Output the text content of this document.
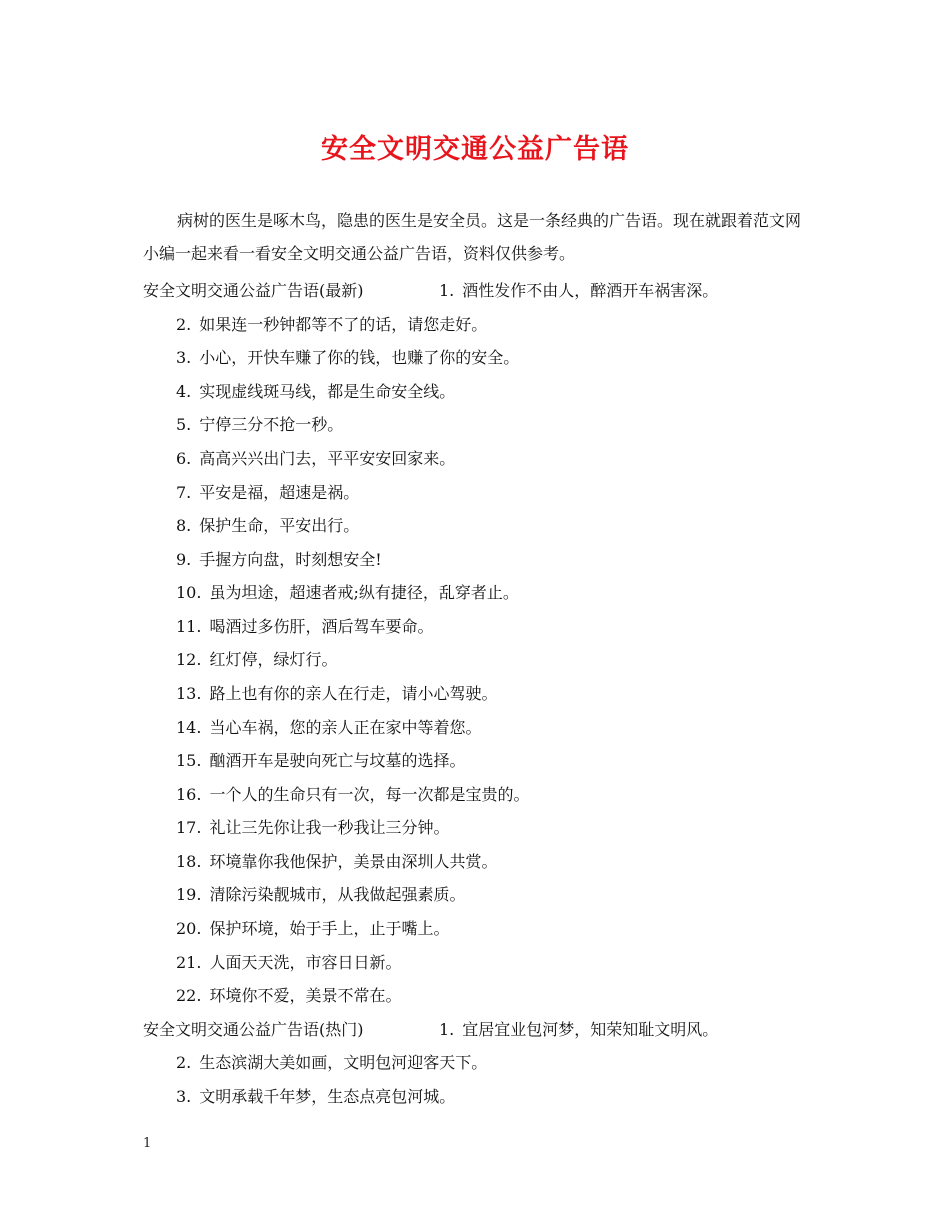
安全文明交通公益广告语

病树的医生是啄木鸟，隐患的医生是安全员。这是一条经典的广告语。现在就跟着范文网小编一起来看一看安全文明交通公益广告语，资料仅供参考。

安全文明交通公益广告语(最新)	1. 酒性发作不由人，醉酒开车祸害深。
2. 如果连一秒钟都等不了的话，请您走好。
3. 小心，开快车赚了你的钱，也赚了你的安全。
4. 实现虚线斑马线，都是生命安全线。
5. 宁停三分不抢一秒。
6. 高高兴兴出门去，平平安安回家来。
7. 平安是福，超速是祸。
8. 保护生命，平安出行。
9. 手握方向盘，时刻想安全!
10. 虽为坦途，超速者戒;纵有捷径，乱穿者止。
11. 喝酒过多伤肝，酒后驾车要命。
12. 红灯停，绿灯行。
13. 路上也有你的亲人在行走，请小心驾驶。
14. 当心车祸，您的亲人正在家中等着您。
15. 酗酒开车是驶向死亡与坟墓的选择。
16. 一个人的生命只有一次，每一次都是宝贵的。
17. 礼让三先你让我一秒我让三分钟。
18. 环境靠你我他保护，美景由深圳人共赏。
19. 清除污染靓城市，从我做起强素质。
20. 保护环境，始于手上，止于嘴上。
21. 人面天天洗，市容日日新。
22. 环境你不爱，美景不常在。
安全文明交通公益广告语(热门)	1. 宜居宜业包河梦，知荣知耻文明风。
2. 生态滨湖大美如画，文明包河迎客天下。
3. 文明承载千年梦，生态点亮包河城。
1
